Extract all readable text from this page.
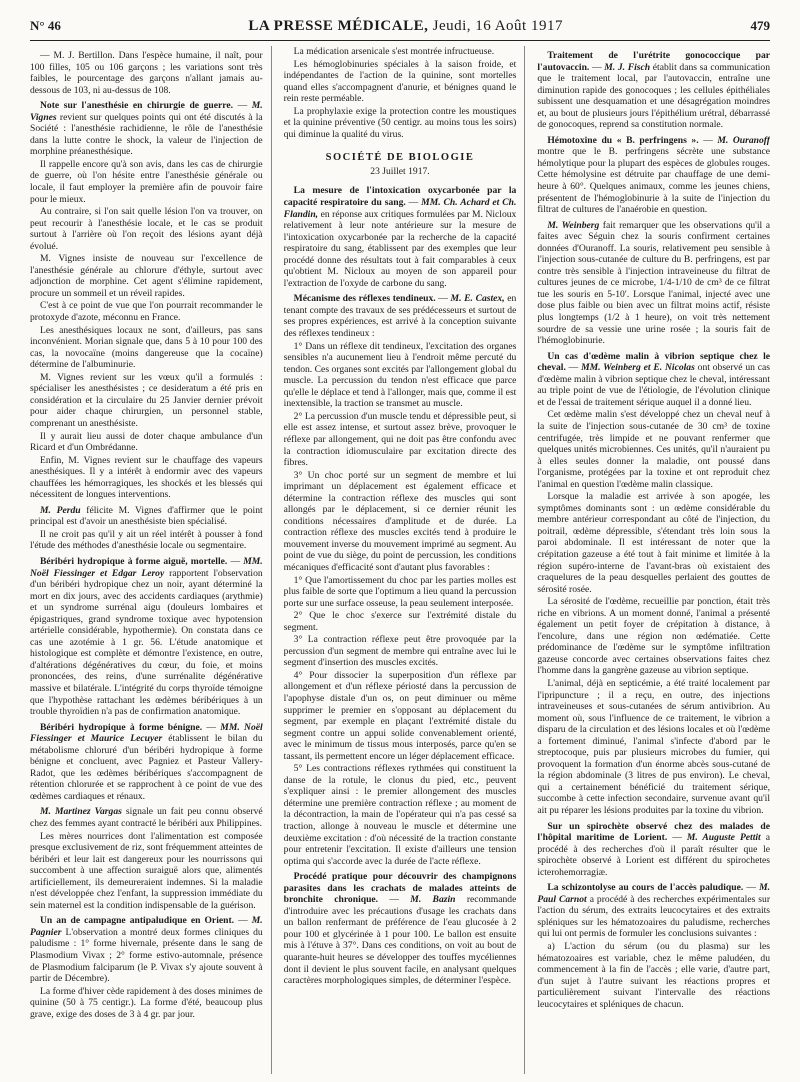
N° 46	LA PRESSE MÉDICALE, Jeudi, 16 Août 1917	479

— M. J. Bertillon. Dans l'espèce humaine, il naît, pour 100 filles, 105 ou 106 garçons ; les variations sont très faibles, le pourcentage des garçons n'allant jamais au-dessous de 103, ni au-dessus de 108.

Note sur l'anesthésie en chirurgie de guerre. — M. Vignes revient sur quelques points qui ont été discutés à la Société : l'anesthésie rachidienne, le rôle de l'anesthésie dans la lutte contre le shock, la valeur de l'injection de morphine préanesthésique.

Il rappelle encore qu'à son avis, dans les cas de chirurgie de guerre, où l'on hésite entre l'anesthésie générale ou locale, il faut employer la première afin de pouvoir faire pour le mieux.

Au contraire, si l'on sait quelle lésion l'on va trouver, on peut recourir à l'anesthésie locale, et le cas se produit surtout à l'arrière où l'on reçoit des lésions ayant déjà évolué.

M. Vignes insiste de nouveau sur l'excellence de l'anesthésie générale au chlorure d'éthyle, surtout avec adjonction de morphine. Cet agent s'élimine rapidement, procure un sommeil et un réveil rapides.

C'est à ce point de vue que l'on pourrait recommander le protoxyde d'azote, méconnu en France.

Les anesthésiques locaux ne sont, d'ailleurs, pas sans inconvénient. Morian signale que, dans 5 à 10 pour 100 des cas, la novocaïne (moins dangereuse que la cocaïne) détermine de l'albuminurie.

M. Vignes revient sur les vœux qu'il a formulés : spécialiser les anesthésistes ; ce desideratum a été pris en considération et la circulaire du 25 Janvier dernier prévoit pour aider chaque chirurgien, un personnel stable, comprenant un anesthésiste.

Il y aurait lieu aussi de doter chaque ambulance d'un Ricard et d'un Ombrédanne.

Enfin, M. Vignes revient sur le chauffage des vapeurs anesthésiques. Il y a intérêt à endormir avec des vapeurs chauffées les hémorragiques, les shockés et les blessés qui nécessitent de longues interventions.

M. Perdu félicite M. Vignes d'affirmer que le point principal est d'avoir un anesthésiste bien spécialisé.

Il ne croit pas qu'il y ait un réel intérêt à pousser à fond l'étude des méthodes d'anesthésie locale ou segmentaire.

Béribéri hydropique à forme aiguë, mortelle. — MM. Noël Fiessinger et Edgar Leroy rapportent l'observation d'un béribéri hydropique chez un noir, ayant déterminé la mort en dix jours, avec des accidents cardiaques (arythmie) et un syndrome surrénal aigu (douleurs lombaires et épigastriques, grand syndrome toxique avec hypotension artérielle considérable, hypothermie). On constata dans ce cas une azotémie à 1 gr. 56. L'étude anatomique et histologique est complète et démontre l'existence, en outre, d'altérations dégénératives du cœur, du foie, et moins prononcées, des reins, d'une surrénalite dégénérative massive et bilatérale. L'intégrité du corps thyroïde témoigne que l'hypothèse rattachant les œdèmes béribériques à un trouble thyroïdien n'a pas de confirmation anatomique.

Béribéri hydropique à forme bénigne. — MM. Noël Fiessinger et Maurice Lecuyer établissent le bilan du métabolisme chloruré d'un béribéri hydropique à forme bénigne et concluent, avec Pagniez et Pasteur Vallery-Radot, que les œdèmes béribériques s'accompagnent de rétention chlorurée et se rapprochent à ce point de vue des œdèmes cardiaques et rénaux.

M. Martinez Vargas signale un fait peu connu observé chez des femmes ayant contracté le béribéri aux Philippines.

Les mères nourrices dont l'alimentation est composée presque exclusivement de riz, sont fréquemment atteintes de béribéri et leur lait est dangereux pour les nourrissons qui succombent à une affection suraiguë alors que, alimentés artificiellement, ils demeureraient indemnes. Si la maladie n'est développée chez l'enfant, la suppression immédiate du sein maternel est la condition indispensable de la guérison.

Un an de campagne antipaludique en Orient. — M. Pagnier L'observation a montré deux formes cliniques du paludisme : 1° forme hivernale, présente dans le sang de Plasmodium Vivax ; 2° forme estivo-automnale, présence de Plasmodium falciparum (le P. Vivax s'y ajoute souvent à partir de Décembre).

La forme d'hiver cède rapidement à des doses minimes de quinine (50 à 75 centigr.). La forme d'été, beaucoup plus grave, exige des doses de 3 à 4 gr. par jour.

La médication arsenicale s'est montrée infructueuse.

Les hémoglobinuries spéciales à la saison froide, et indépendantes de l'action de la quinine, sont mortelles quand elles s'accompagnent d'anurie, et bénignes quand le rein reste perméable.

La prophylaxie exige la protection contre les moustiques et la quinine préventive (50 centigr. au moins tous les soirs) qui diminue la qualité du virus.

SOCIÉTÉ DE BIOLOGIE
23 Juillet 1917.

La mesure de l'intoxication oxycarbonée par la capacité respiratoire du sang. — MM. Ch. Achard et Ch. Flandin, en réponse aux critiques formulées par M. Nicloux relativement à leur note antérieure sur la mesure de l'intoxication oxycarbonée par la recherche de la capacité respiratoire du sang, établissent par des exemples que leur procédé donne des résultats tout à fait comparables à ceux qu'obtient M. Nicloux au moyen de son appareil pour l'extraction de l'oxyde de carbone du sang.

Mécanisme des réflexes tendineux. — M. E. Castex, en tenant compte des travaux de ses prédécesseurs et surtout de ses propres expériences, est arrivé à la conception suivante des réflexes tendineux :

1° Dans un réflexe dit tendineux, l'excitation des organes sensibles n'a aucunement lieu à l'endroit même percuté du tendon. Ces organes sont excités par l'allongement global du muscle. La percussion du tendon n'est efficace que parce qu'elle le déplace et tend à l'allonger, mais que, comme il est inextensible, la traction se transmet au muscle.

2° La percussion d'un muscle tendu et dépressible peut, si elle est assez intense, et surtout assez brève, provoquer le réflexe par allongement, qui ne doit pas être confondu avec la contraction idiomusculaire par excitation directe des fibres.

3° Un choc porté sur un segment de membre et lui imprimant un déplacement est également efficace et détermine la contraction réflexe des muscles qui sont allongés par le déplacement, si ce dernier réunit les conditions nécessaires d'amplitude et de durée. La contraction réflexe des muscles excités tend à produire le mouvement inverse du mouvement imprimé au segment. Au point de vue du siège, du point de percussion, les conditions mécaniques d'efficacité sont d'autant plus favorables :

1° Que l'amortissement du choc par les parties molles est plus faible de sorte que l'optimum a lieu quand la percussion porte sur une surface osseuse, la peau seulement interposée.

2° Que le choc s'exerce sur l'extrémité distale du segment.

3° La contraction réflexe peut être provoquée par la percussion d'un segment de membre qui entraîne avec lui le segment d'insertion des muscles excités.

4° Pour dissocier la superposition d'un réflexe par allongement et d'un réflexe périosté dans la percussion de l'apophyse distale d'un os, on peut diminuer ou même supprimer le premier en s'opposant au déplacement du segment, par exemple en plaçant l'extrémité distale du segment contre un appui solide convenablement orienté, avec le minimum de tissus mous interposés, parce qu'en se tassant, ils permettent encore un léger déplacement efficace.

5° Les contractions réflexes rythmées qui constituent la danse de la rotule, le clonus du pied, etc., peuvent s'expliquer ainsi : le premier allongement des muscles détermine une première contraction réflexe ; au moment de la décontraction, la main de l'opérateur qui n'a pas cessé sa traction, allonge à nouveau le muscle et détermine une deuxième excitation : d'où nécessité de la traction constante pour entretenir l'excitation. Il existe d'ailleurs une tension optima qui s'accorde avec la durée de l'acte réflexe.

Procédé pratique pour découvrir des champignons parasites dans les crachats de malades atteints de bronchite chronique. — M. Bazin recommande d'introduire avec les précautions d'usage les crachats dans un ballon renfermant de préférence de l'eau glucosée à 2 pour 100 et glycérinée à 1 pour 100. Le ballon est ensuite mis à l'étuve à 37°. Dans ces conditions, on voit au bout de quarante-huit heures se développer des touffes mycéliennes dont il devient le plus souvent facile, en analysant quelques caractères morphologiques simples, de déterminer l'espèce.

Traitement de l'urétrite gonococcique par l'autovaccin. — M. J. Fisch établit dans sa communication que le traitement local, par l'autovaccin, entraîne une diminution rapide des gonocoques ; les cellules épithéliales subissent une desquamation et une désagrégation moindres et, au bout de plusieurs jours l'épithélium urétral, débarrassé de gonocoques, reprend sa constitution normale.

Hémotoxine du « B. perfringens ». — M. Ouranoff montre que le B. perfringens sécrète une substance hémolytique pour la plupart des espèces de globules rouges. Cette hémolysine est détruite par chauffage de une demi-heure à 60°. Quelques animaux, comme les jeunes chiens, présentent de l'hémoglobinurie à la suite de l'injection du filtrat de cultures de l'anaérobie en question.

M. Weinberg fait remarquer que les observations qu'il a faites avec Séguin chez la souris confirment certaines données d'Ouranoff. La souris, relativement peu sensible à l'injection sous-cutanée de culture du B. perfringens, est par contre très sensible à l'injection intraveineuse du filtrat de cultures jeunes de ce microbe, 1/4-1/10 de cm³ de ce filtrat tue les souris en 5-10′. Lorsque l'animal, injecté avec une dose plus faible ou bien avec un filtrat moins actif, résiste plus longtemps (1/2 à 1 heure), on voit très nettement sourdre de sa vessie une urine rosée ; la souris fait de l'hémoglobinurie.

Un cas d'œdème malin à vibrion septique chez le cheval. — MM. Weinberg et E. Nicolas ont observé un cas d'œdème malin à vibrion septique chez le cheval, intéressant au triple point de vue de l'étiologie, de l'évolution clinique et de l'essai de traitement sérique auquel il a donné lieu.

Cet œdème malin s'est développé chez un cheval neuf à la suite de l'injection sous-cutanée de 30 cm³ de toxine centrifugée, très limpide et ne pouvant renfermer que quelques unités microbiennes. Ces unités, qu'il n'auraient pu à elles seules donner la maladie, ont poussé dans l'organisme, protégées par la toxine et ont reproduit chez l'animal en question l'œdème malin classique.

Lorsque la maladie est arrivée à son apogée, les symptômes dominants sont : un œdème considérable du membre antérieur correspondant au côté de l'injection, du poitrail, œdème dépressible, s'étendant très loin sous la paroi abdominale. Il est intéressant de noter que la crépitation gazeuse a été tout à fait minime et limitée à la région supéro-interne de l'avant-bras où existaient des craquelures de la peau desquelles perlaient des gouttes de sérosité rosée.

La sérosité de l'œdème, recueillie par ponction, était très riche en vibrions. A un moment donné, l'animal a présenté également un petit foyer de crépitation à distance, à l'encolure, dans une région non œdématiée. Cette prédominance de l'œdème sur le symptôme infiltration gazeuse concorde avec certaines observations faites chez l'homme dans la gangrène gazeuse au vibrion septique.

L'animal, déjà en septicémie, a été traité localement par l'ipripuncture ; il a reçu, en outre, des injections intraveineuses et sous-cutanées de sérum antivibrion. Au moment où, sous l'influence de ce traitement, le vibrion a disparu de la circulation et des lésions locales et où l'œdème a fortement diminué, l'animal s'infecte d'abord par le streptocoque, puis par plusieurs microbes du fumier, qui provoquent la formation d'un énorme abcès sous-cutané de la région abdominale (3 litres de pus environ). Le cheval, qui a certainement bénéficié du traitement sérique, succombe à cette infection secondaire, survenue avant qu'il ait pu réparer les lésions produites par la toxine du vibrion.

Sur un spirochète observé chez des malades de l'hôpital maritime de Lorient. — M. Auguste Pettit a procédé à des recherches d'où il paraît résulter que le spirochète observé à Lorient est différent du spirochetes icterohemorragiæ.

La schizontolyse au cours de l'accès paludique. — M. Paul Carnot a procédé à des recherches expérimentales sur l'action du sérum, des extraits leucocytaires et des extraits spléniques sur les hématozoaires du paludisme, recherches qui lui ont permis de formuler les conclusions suivantes :

a) L'action du sérum (ou du plasma) sur les hématozoaires est variable, chez le même paludéen, du commencement à la fin de l'accès ; elle varie, d'autre part, d'un sujet à l'autre suivant les réactions propres et particulièrement suivant l'intervalle des réactions leucocytaires et spléniques de chacun.
